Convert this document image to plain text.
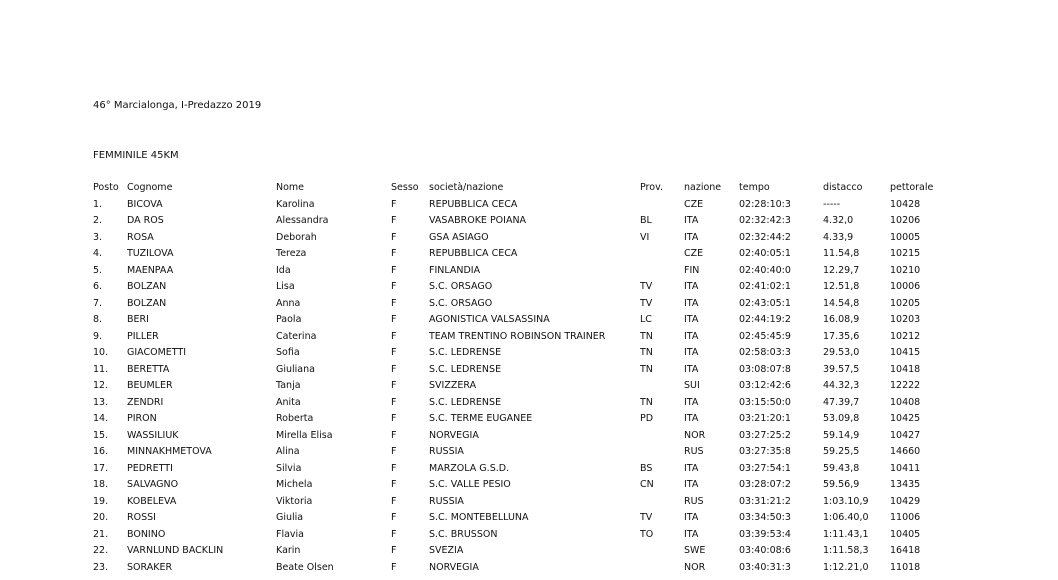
46° Marcialonga, I-Predazzo 2019
FEMMINILE 45KM
Posto	Cognome	Nome	Sesso	società/nazione	Prov.	nazione	tempo	distacco	pettorale
1.	BICOVA	Karolina	F	REPUBBLICA CECA		CZE	02:28:10:3	-----	10428
2.	DA ROS	Alessandra	F	VASABROKE POIANA	BL	ITA	02:32:42:3	4.32,0	10206
3.	ROSA	Deborah	F	GSA ASIAGO	VI	ITA	02:32:44:2	4.33,9	10005
4.	TUZILOVA	Tereza	F	REPUBBLICA CECA		CZE	02:40:05:1	11.54,8	10215
5.	MAENPAA	Ida	F	FINLANDIA		FIN	02:40:40:0	12.29,7	10210
6.	BOLZAN	Lisa	F	S.C. ORSAGO	TV	ITA	02:41:02:1	12.51,8	10006
7.	BOLZAN	Anna	F	S.C. ORSAGO	TV	ITA	02:43:05:1	14.54,8	10205
8.	BERI	Paola	F	AGONISTICA VALSASSINA	LC	ITA	02:44:19:2	16.08,9	10203
9.	PILLER	Caterina	F	TEAM TRENTINO ROBINSON TRAINER	TN	ITA	02:45:45:9	17.35,6	10212
10.	GIACOMETTI	Sofia	F	S.C. LEDRENSE	TN	ITA	02:58:03:3	29.53,0	10415
11.	BERETTA	Giuliana	F	S.C. LEDRENSE	TN	ITA	03:08:07:8	39.57,5	10418
12.	BEUMLER	Tanja	F	SVIZZERA		SUI	03:12:42:6	44.32,3	12222
13.	ZENDRI	Anita	F	S.C. LEDRENSE	TN	ITA	03:15:50:0	47.39,7	10408
14.	PIRON	Roberta	F	S.C. TERME EUGANEE	PD	ITA	03:21:20:1	53.09,8	10425
15.	WASSILIUK	Mirella Elisa	F	NORVEGIA		NOR	03:27:25:2	59.14,9	10427
16.	MINNAKHMETOVA	Alina	F	RUSSIA		RUS	03:27:35:8	59.25,5	14660
17.	PEDRETTI	Silvia	F	MARZOLA G.S.D.	BS	ITA	03:27:54:1	59.43,8	10411
18.	SALVAGNO	Michela	F	S.C. VALLE PESIO	CN	ITA	03:28:07:2	59.56,9	13435
19.	KOBELEVA	Viktoria	F	RUSSIA		RUS	03:31:21:2	1:03.10,9	10429
20.	ROSSI	Giulia	F	S.C. MONTEBELLUNA	TV	ITA	03:34:50:3	1:06.40,0	11006
21.	BONINO	Flavia	F	S.C. BRUSSON	TO	ITA	03:39:53:4	1:11.43,1	10405
22.	VARNLUND BACKLIN	Karin	F	SVEZIA		SWE	03:40:08:6	1:11.58,3	16418
23.	SORAKER	Beate Olsen	F	NORVEGIA		NOR	03:40:31:3	1:12.21,0	11018
